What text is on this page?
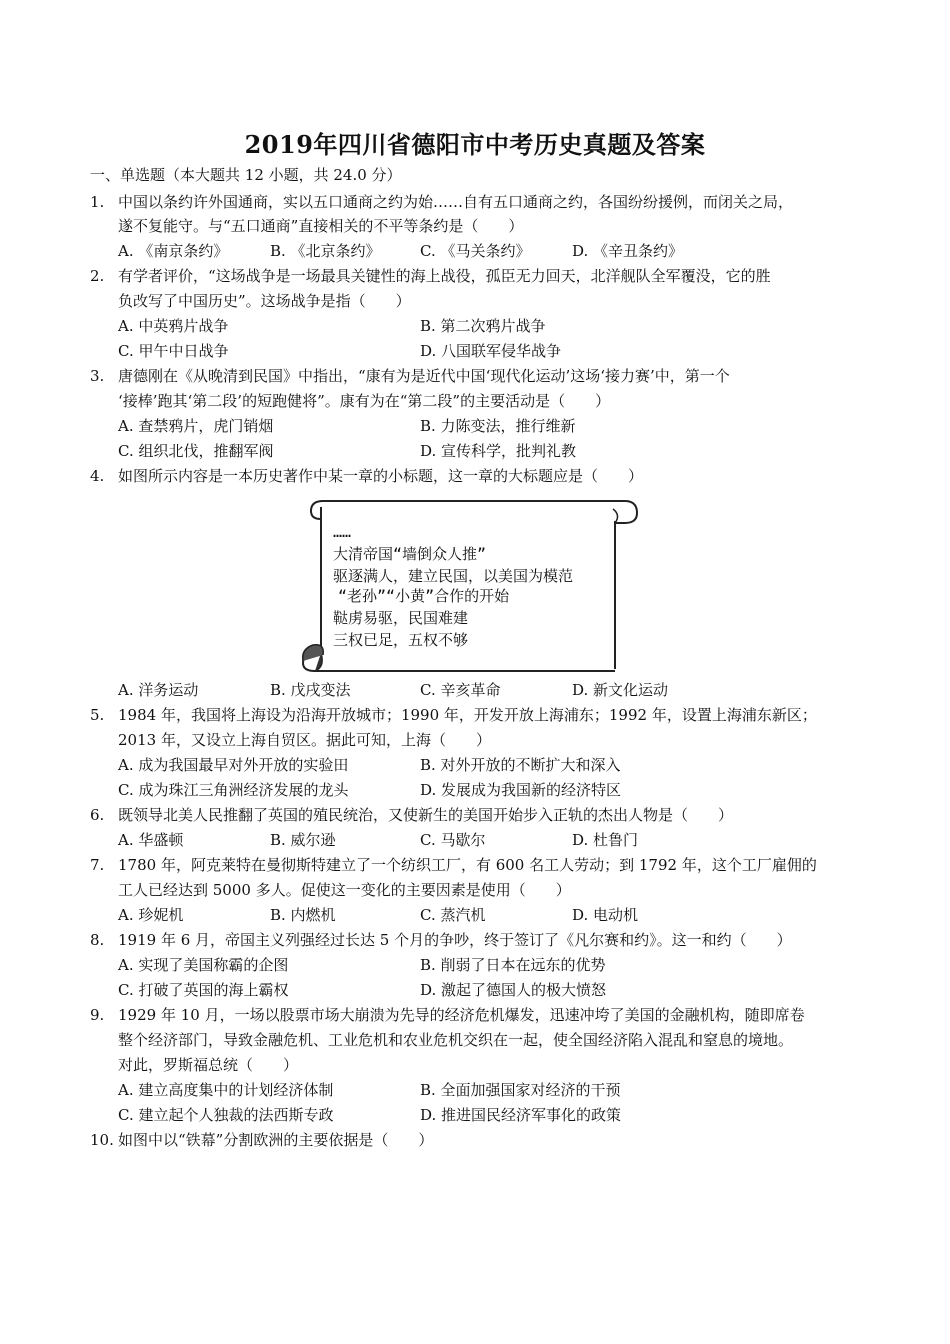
2019年四川省德阳市中考历史真题及答案
一、单选题（本大题共 12 小题，共 24.0 分）
1. 中国以条约许外国通商，实以五口通商之约为始……自有五口通商之约，各国纷纷援例，而闭关之局，
遂不复能守。与“五口通商”直接相关的不平等条约是（　　）
A. 《南京条约》	B. 《北京条约》	C. 《马关条约》	D. 《辛丑条约》
2. 有学者评价，“这场战争是一场最具关键性的海上战役，孤臣无力回天，北洋舰队全军覆没，它的胜
负改写了中国历史”。这场战争是指（　　）
A. 中英鸦片战争	B. 第二次鸦片战争
C. 甲午中日战争	D. 八国联军侵华战争
3. 唐德刚在《从晚清到民国》中指出，“康有为是近代中国‘现代化运动’这场‘接力赛’中，第一个
‘接棒’跑其‘第二段’的短跑健将”。康有为在“第二段”的主要活动是（　　）
A. 查禁鸦片，虎门销烟	B. 力陈变法，推行维新
C. 组织北伐，推翻军阀	D. 宣传科学，批判礼教
4. 如图所示内容是一本历史著作中某一章的小标题，这一章的大标题应是（　　）
……
大清帝国“墙倒众人推”
驱逐满人，建立民国，以美国为模范
“老孙”“小黄”合作的开始
鞑虏易驱，民国难建
三权已足，五权不够
A. 洋务运动	B. 戊戌变法	C. 辛亥革命	D. 新文化运动
5. 1984 年，我国将上海设为沿海开放城市；1990 年，开发开放上海浦东；1992 年，设置上海浦东新区；
2013 年，又设立上海自贸区。据此可知，上海（　　）
A. 成为我国最早对外开放的实验田	B. 对外开放的不断扩大和深入
C. 成为珠江三角洲经济发展的龙头	D. 发展成为我国新的经济特区
6. 既领导北美人民推翻了英国的殖民统治，又使新生的美国开始步入正轨的杰出人物是（　　）
A. 华盛顿	B. 威尔逊	C. 马歇尔	D. 杜鲁门
7. 1780 年，阿克莱特在曼彻斯特建立了一个纺织工厂，有 600 名工人劳动；到 1792 年，这个工厂雇佣的
工人已经达到 5000 多人。促使这一变化的主要因素是使用（　　）
A. 珍妮机	B. 内燃机	C. 蒸汽机	D. 电动机
8. 1919 年 6 月，帝国主义列强经过长达 5 个月的争吵，终于签订了《凡尔赛和约》。这一和约（　　）
A. 实现了美国称霸的企图	B. 削弱了日本在远东的优势
C. 打破了英国的海上霸权	D. 激起了德国人的极大愤怒
9. 1929 年 10 月，一场以股票市场大崩溃为先导的经济危机爆发，迅速冲垮了美国的金融机构，随即席卷
整个经济部门，导致金融危机、工业危机和农业危机交织在一起，使全国经济陷入混乱和窒息的境地。
对此，罗斯福总统（　　）
A. 建立高度集中的计划经济体制	B. 全面加强国家对经济的干预
C. 建立起个人独裁的法西斯专政	D. 推进国民经济军事化的政策
10. 如图中以“铁幕”分割欧洲的主要依据是（　　）
